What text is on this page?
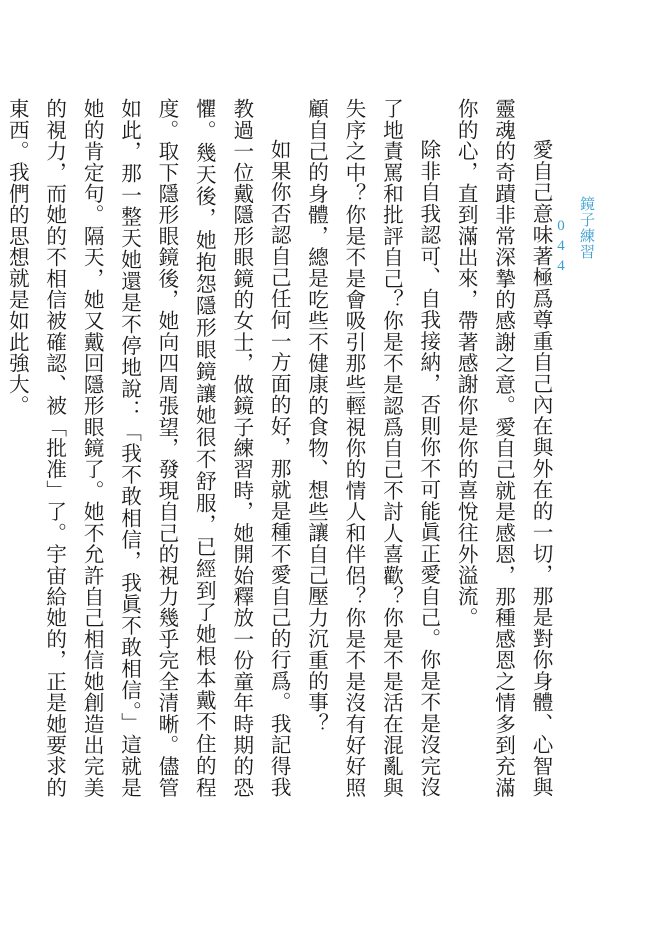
鏡子練習 044

愛自己意味著極爲尊重自己內在與外在的一切，那是對你身體、心智與靈魂的奇蹟非常深摯的感謝之意。愛自己就是感恩，那種感恩之情多到充滿你的心，直到滿出來，帶著感謝你是你的喜悅往外溢流。

除非自我認可、自我接納，否則你不可能眞正愛自己。你是不是沒完沒了地責罵和批評自己？你是不是認爲自己不討人喜歡？你是不是活在混亂與失序之中？你是不是會吸引那些輕視你的情人和伴侶？你是不是沒有好好照顧自己的身體，總是吃些不健康的食物、想些讓自己壓力沉重的事？

如果你否認自己任何一方面的好，那就是種不愛自己的行爲。我記得我教過一位戴隱形眼鏡的女士，做鏡子練習時，她開始釋放一份童年時期的恐懼。幾天後，她抱怨隱形眼鏡讓她很不舒服，已經到了她根本戴不住的程度。取下隱形眼鏡後，她向四周張望，發現自己的視力幾乎完全清晰。儘管如此，那一整天她還是不停地說：「我不敢相信，我眞不敢相信。」這就是她的肯定句。隔天，她又戴回隱形眼鏡了。她不允許自己相信她創造出完美的視力，而她的不相信被確認、被「批准」了。宇宙給她的，正是她要求的東西。我們的思想就是如此強大。
